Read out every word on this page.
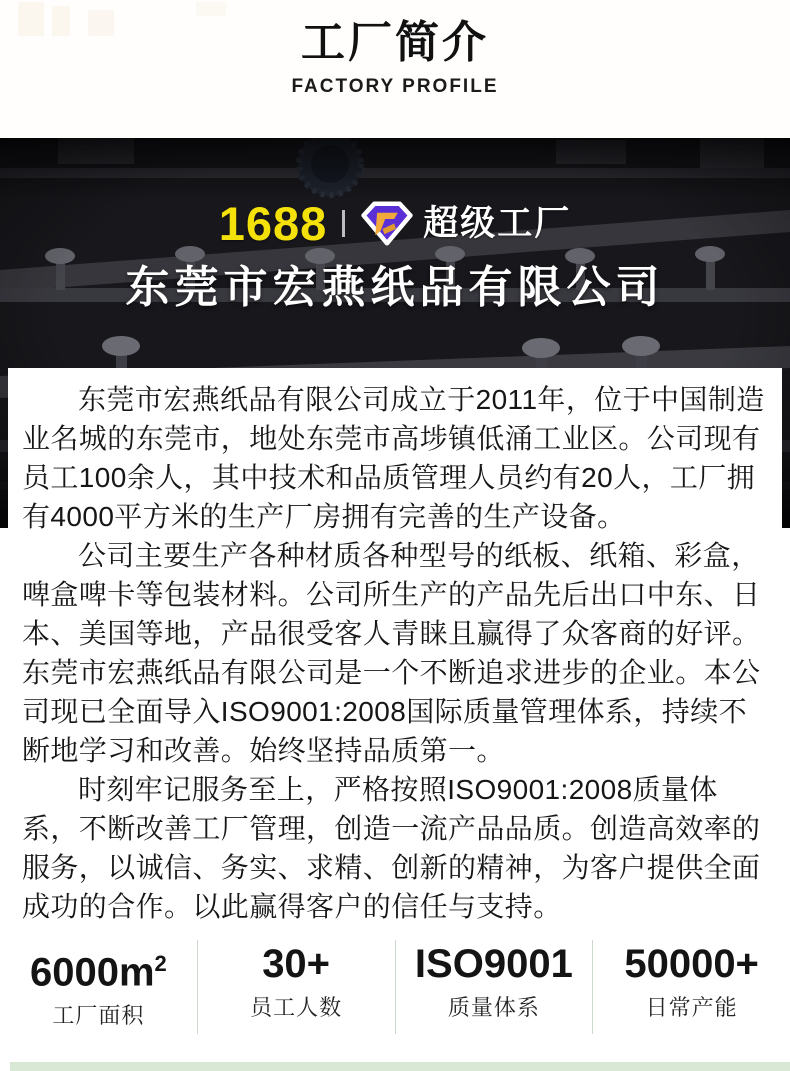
工厂简介
FACTORY PROFILE
1688	超级工厂
东莞市宏燕纸品有限公司

东莞市宏燕纸品有限公司成立于2011年，位于中国制造业名城的东莞市，地处东莞市高埗镇低涌工业区。公司现有员工100余人，其中技术和品质管理人员约有20人，工厂拥有4000平方米的生产厂房拥有完善的生产设备。

公司主要生产各种材质各种型号的纸板、纸箱、彩盒，啤盒啤卡等包装材料。公司所生产的产品先后出口中东、日本、美国等地，产品很受客人青睐且赢得了众客商的好评。

东莞市宏燕纸品有限公司是一个不断追求进步的企业。本公司现已全面导入ISO9001:2008国际质量管理体系，持续不断地学习和改善。始终坚持品质第一。

时刻牢记服务至上，严格按照ISO9001:2008质量体系，不断改善工厂管理，创造一流产品品质。创造高效率的服务，以诚信、务实、求精、创新的精神，为客户提供全面成功的合作。以此赢得客户的信任与支持。

$6000m^2$
工厂面积
30+
员工人数
ISO9001
质量体系
50000+
日常产能
